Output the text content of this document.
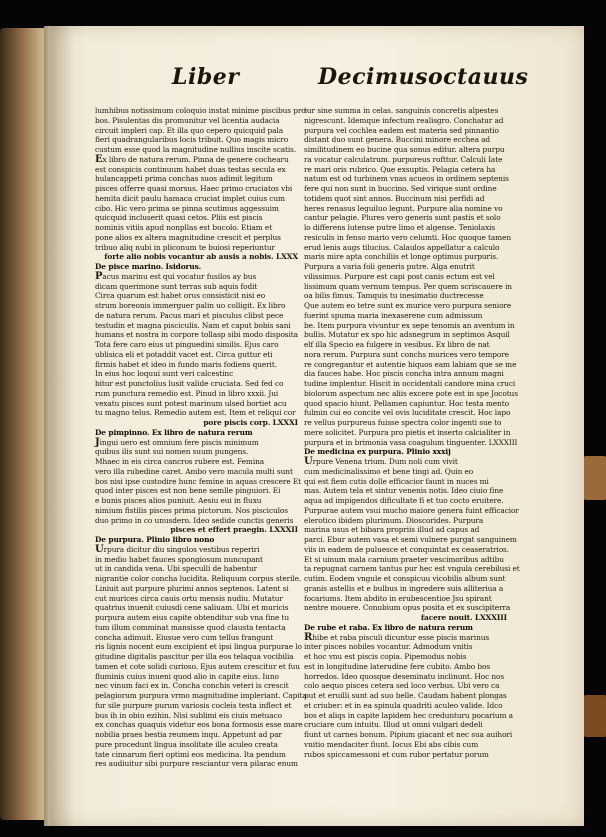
Liber	Decimusoctauus
lumhibus notissimum coloquio instat minime piscibus pro-
bos. Pisulentas dis promunitur vel licentia audacia
circuit impleri cap. Et illa quo cepero quicquid pala
fieri quadrangularibus locis tribuit. Quo magis micro
custum esse quod la magnitudine nullius inscite scatis.
Ex libro de natura rerum. Pinna de genere cochearu
est conspicis continuum habet duas testas secula ex
hulancappeti prima conchas suos adimit legitum
pisces offerre quasi morsus. Haec primo cruciatos vbi
hemita dicit paulu hamaca cruciat implet cuius cum
cibo. Hic vero prima se pinna scutimus aggessuim
quicquid incluserit quasi cetos. Pliis est piscis
nominis vitiis apud nonpllas est bucolo. Etiam et
pone alios ex altera magnitudine crescit et perplus
tribuo aliq nubi in pliconum te buiosi reperiuntur
forte alio nobis vocantur ab ausis a nobis. LXXX
De pisce marino. Isidorus.
Pacus marinu est qui vocatur fusilos ay bus
dicam querimone sunt terras sub aquis fodit
Circa quarum est habet orus consisticit nisi eo
strum boreonis immerguer palin uo colligit. Ex libro
de natura rerum. Pacus mari et pisculus clibst pece
testudin et magna pisciculis. Nam et caput bobis sani
humans et nostra in corpore tollasp sibi modo disposita
Tota fere caro eius ut pinguedini similis. Ejus caro
ublisica eli et potaddit vacet est. Circa guttur eti
firmis habet et ideo in fundo maris fodiens querit.
In eius hoc loquui sunt veri calcestinc
bitur est punctolius lusit valide cruciata. Sed fed co
rum punctura remedio est. Pinud in libro xxxii. Jui
vexatu pisces sunt potest marinum ulsed bortiet acu
tu magno telus. Remedio autem est. Item et reliqui cor
pore piscis corp. LXXXI
De pimpinno. Ex libro de natura rerum
Jingui uero est omnium fere piscis minimum
quibus ilis sunt sui nomen suum pungens.
Mhaec in eis circa cancros rubere est. Femina
vero illa rubedine caret. Ambo vero macula multi sunt
bos nisi ipse custodire hunc femine in aquas crescere Et
quod inter pisces est non bene semlle pinguiori. Ei
e bunis pisces alios puniuit. Aesiu eui in fluxu
nimium fistilis pisces prima pictorum. Nos pisciculos
duo primo in co unusdero. Ideo sedide cunctis generis
pisces et effert praegin. LXXXII
De purpura. Plinio libro nono
Urpura dicitur diu singulos vestibus reperiri
in medio habet fauces spongiosum nuncupant
ut in candida vena. Ubi speculli de habentur
nigrantie color concha lucidita. Reliquum corpus sterile.
Liniuit aut purpure plurimi annos septenos. Latent si
cut murices circa cauis ortu mensis nudiu. Mutatur
quatrius inuenit cuiusdi cene saliuam. Ubi et muricis
purpura autem eius capite obtenditur sub vna fine tu
tum illum comminat mansisse quod clausta tentacta
concha adimuit. Eiusue vero cum tellus frangunt
ris lignis nocent eum excipient et ipsi lingua purpurae lo
gitudine digitalis pascitur per illa eos telaqua vocibilia
tamen et cote solidi curioso. Ejus autem crescitur et fuu
fluminis cuius inueni quod alio in capite eius. Iuno
nec vinum faci ex in. Concha conchis veteri is crescit
pelagiorum purpura vrmo magnitudine impleriant. Capita
fur sile purpure purum variosis cocleis testa inflect et
bus ih in obiu ezihin. Nisi sublimi eis ciuis metuaco
ex conchas quaquis videtur eos bona formosis esse mare
nobilia praes bestia reumem inqu. Appetunt ad par
pure procedunt lingua insolitate ille aculeo creata
tate cinnarum fieri optimi eos medicina. Ita pendum
res audiuitur sibi purpure resciantur vera pilarac enum
tur sine summa in celas. sanguinis concretis alpestes
nigrescunt. Idemque infectum realisgro. Conchatur ad
purpura vel cochlea eadem est materia sed pinnantio
distant duo sunt genera. Buccini minore ecchea ad
similitudinem eo bucine qua sonus editur. altera purpu
ra vocatur calculatrum. purpureus rofttur. Calculi Iate
re mari oris rubrico. Que exsuptis. Pelagia cetera ha
natum est od turbinem vnas acueos in ordinem septenis
fere qui non sunt in buccino. Sed virique sunt ordine
totidem quot sint annos. Buccinum nisi perfidi ad
heres renasus leguiluo legunt. Purpure alia nomine vo
cantur pelagie. Plures vero generis sunt pastis et solo
lo differens lutense putre limo et algense. Teniolaxis
resiculis in fenso mario vero celumti. Hoc quoque tamen
erud lenis augs tilucius. Calaulos appellatur a calculo
maris mire apta conchiliis et longe optimus purpuris.
Purpura a varia foli generis putre. Alga enutrit
vilissimus. Purpure est capi post canis ectum est vel
lissimum quam vernum tempus. Per quem scriscauere in
oa bilis fimus. Tamquis tu inesimatio ductrecesse
Que autem eo tetre sunt ex murice vero purpura seniore
fuerint spuma maria inexaserene cum admissum
be. Item purpura vivuntur ex sepe tenomis an aventum in
bullis. Mutatur ex spo hic adsnegrum in septimos Asquil
elf illa Specio ea fulgere in vesibus. Ex libro de nat
nora rerum. Purpura sunt conchs murices vero tempore
re congregantur et autentie hiquos eam labiam que se me
dia fauces habe. Hoc piscis concha intra annum magni
tudine implentur. Hiscit in occidentali candore mina cruci
biolorum aspectum nec aliis excere pote est in spe Jocotus
quod spacio hiunt. Pellamen capiuntur. Hoc testa mento
fulmin cui eo concite vel ovis luciditate crescit. Hoc lapo
re vellus purpureus fuisse spectra color ingenti sue to
mere solicitet. Purpura pro pietis et inserto calcialiter in
purpura et in brimonia vasa coagulum tinguenter. LXXXIII
De medicina ex purpura. Plinio xxxij
Urpure Venena trium. Dum noli cum vivit
cum medicinalissimo et bene tingi ad. Quin eo
qui est fiem cutis dolle efficacior faunt in nuces mi
mas. Autem tela et sintur venenis notis. Ideo ciuio fine
aqua ad impigendos dificultate fi et tuo cocto eruitere.
Purpurae autem vsui mucho maiore genera fuint efficacior
elerotico ibidem plurimum. Dioscorides. Purpura
marina usus et bibara propriis illud ad capus ad
parci. Ebur autem vasa et semi vulnere purgat sanguinem
viis in eadem de puluesce et conquintat ex ceaseratrios.
Et si uinum mala carnium praeter vescimoribus adtibu
ta repugnat carnem tantus pur hec est vngula cerebilusi et
cutim. Eodem vngule et conspicuu vicobilis album sunt
granis astellis et e bulbus in ingredere suis alliteriua a
focariums. Item abdito in erubescentioe Jsu spirant
nentre mouere. Conubium opus posita et ex suscipiterra
facere nouit. LXXXIII
De rube et raba. Ex libro de natura rerum
Rhibe et raba pisculi dicuntur esse piscis marinus
inter pisces nobiles vocantur. Admodum vnitis
et hoc vnu est piscis copia. Pipemodus nobis
est in longitudine laterudine fere cubito. Ambo bos
horredos. Ideo quosque deseminatu inclinunt. Hoc nos
colo aequo pisces cetera sed loco verbus. Ubi vero ca
put et eruilli sunt ad suo belle. Caudam habent plongas
et criuber: et in ea spinula quadriti aculeo valide. Idco
bos et aliqs in capite lapidem hec credunturu pocarium a
cruciare cum intuitu. Illud ut omni vulgari dedeli
fiunt ut carnes bonum. Pipium giacant et nec sua auihori
vnitio mendaciter fiunt. Iocus Ebi abs cibis cum
rubos spiccamessoni et cum rubor pertatur porum
